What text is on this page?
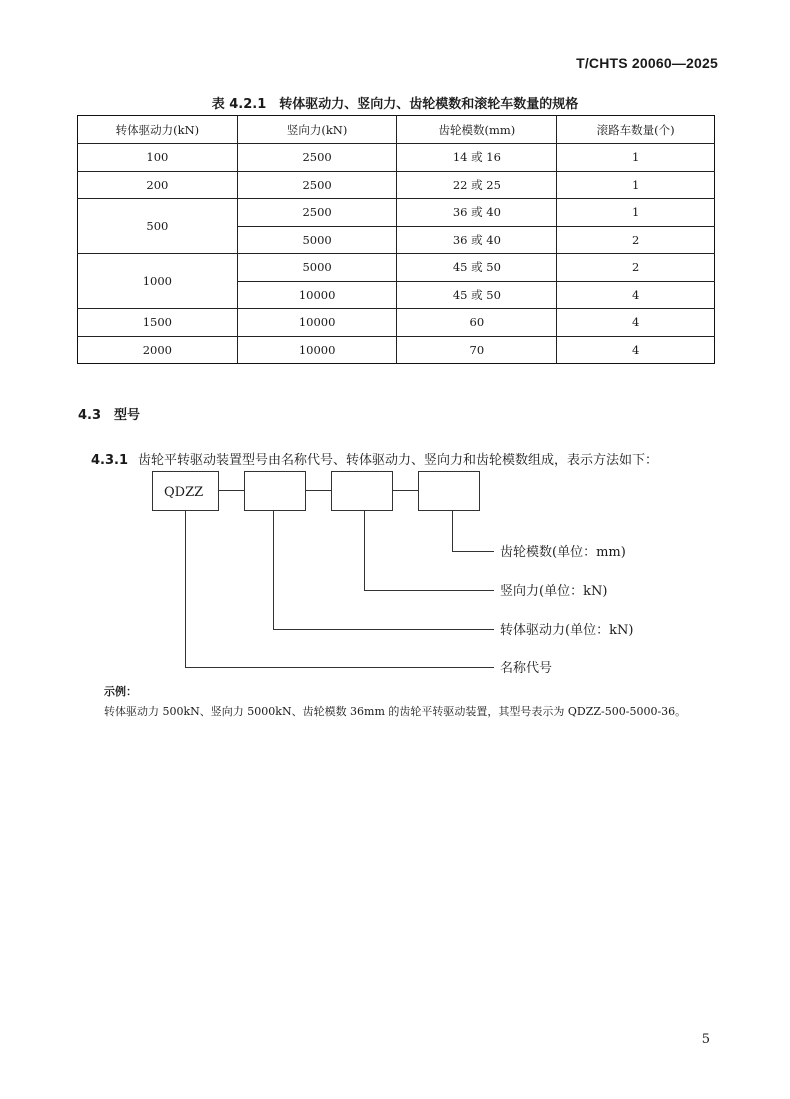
T/CHTS 20060—2025
表 4.2.1　转体驱动力、竖向力、齿轮模数和滚轮车数量的规格
转体驱动力(kN)	竖向力(kN)	齿轮模数(mm)	滚路车数量(个)
100	2500	14 或 16	1
200	2500	22 或 25	1
500	2500	36 或 40	1
	5000	36 或 40	2
1000	5000	45 或 50	2
	10000	45 或 50	4
1500	10000	60	4
2000	10000	70	4
4.3　型号
4.3.1 齿轮平转驱动装置型号由名称代号、转体驱动力、竖向力和齿轮模数组成，表示方法如下：
QDZZ
齿轮模数(单位：mm)
竖向力(单位：kN)
转体驱动力(单位：kN)
名称代号
示例：
转体驱动力 500kN、竖向力 5000kN、齿轮模数 36mm 的齿轮平转驱动装置，其型号表示为 QDZZ-500-5000-36。
5
